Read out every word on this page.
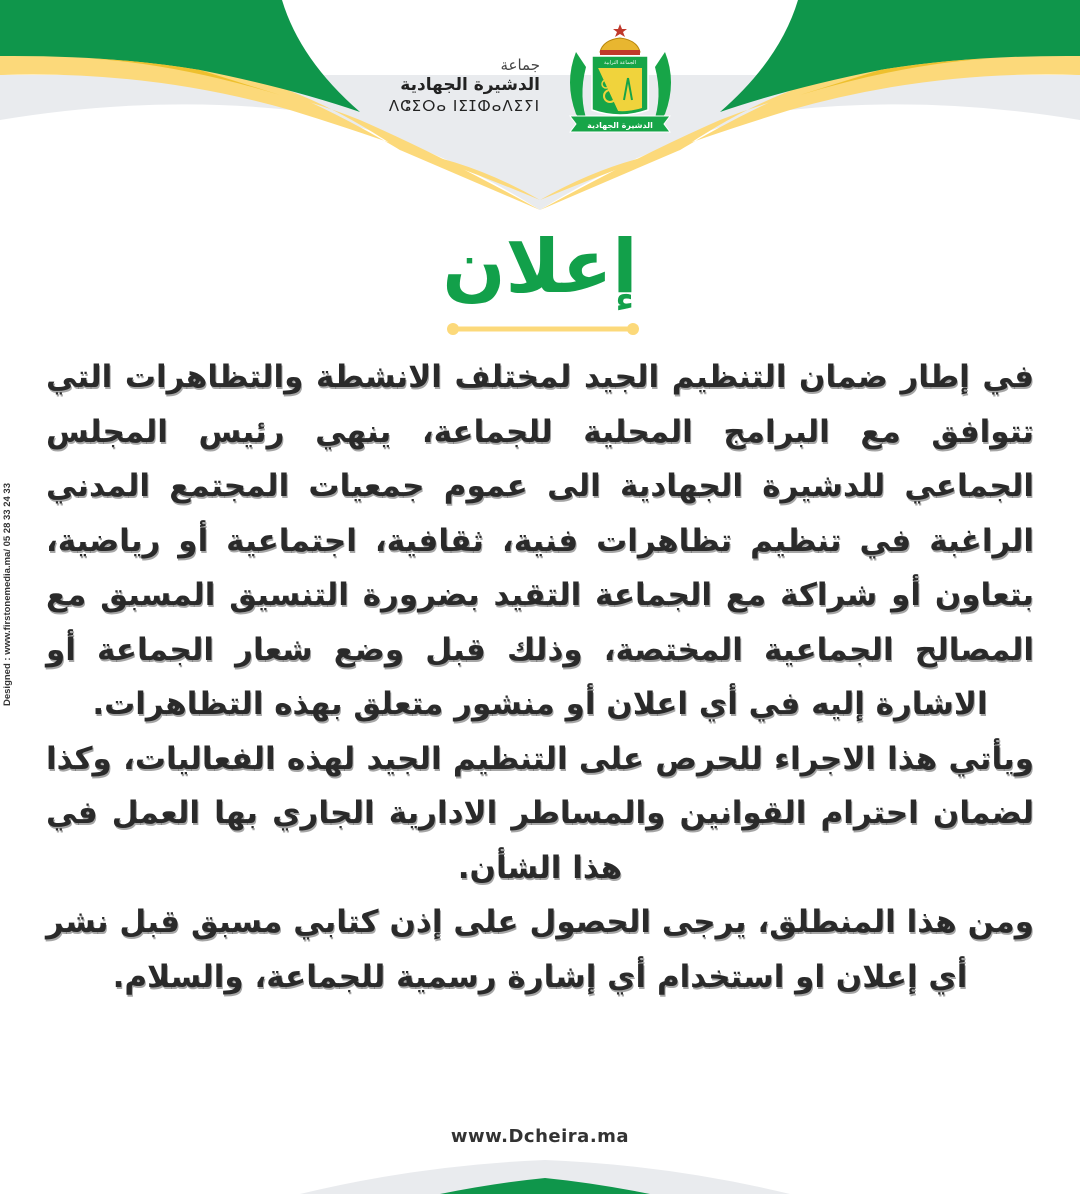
جماعة
الدشيرة الجهادية
ⴷⵛⵉⵔⴰ ⵏⵉⵊⵀⴰⴷⵉⵢⵏ
الجماعة الترابية
الدشيرة الجهادية
إعلان

في إطار ضمان التنظيم الجيد لمختلف الانشطة والتظاهرات التي تتوافق مع البرامج المحلية للجماعة، ينهي رئيس المجلس الجماعي للدشيرة الجهادية الى عموم جمعيات المجتمع المدني الراغبة في تنظيم تظاهرات فنية، ثقافية، اجتماعية أو رياضية، بتعاون أو شراكة مع الجماعة التقيد بضرورة التنسيق المسبق مع المصالح الجماعية المختصة، وذلك قبل وضع شعار الجماعة أو الاشارة إليه في أي اعلان أو منشور متعلق بهذه التظاهرات.

ويأتي هذا الاجراء للحرص على التنظيم الجيد لهذه الفعاليات، وكذا لضمان احترام القوانين والمساطر الادارية الجاري بها العمل في هذا الشأن.

ومن هذا المنطلق، يرجى الحصول على إذن كتابي مسبق قبل نشر أي إعلان او استخدام أي إشارة رسمية للجماعة، والسلام.

Designed : www.firstonemedia.ma/ 05 28 33 24 33
www.Dcheira.ma
